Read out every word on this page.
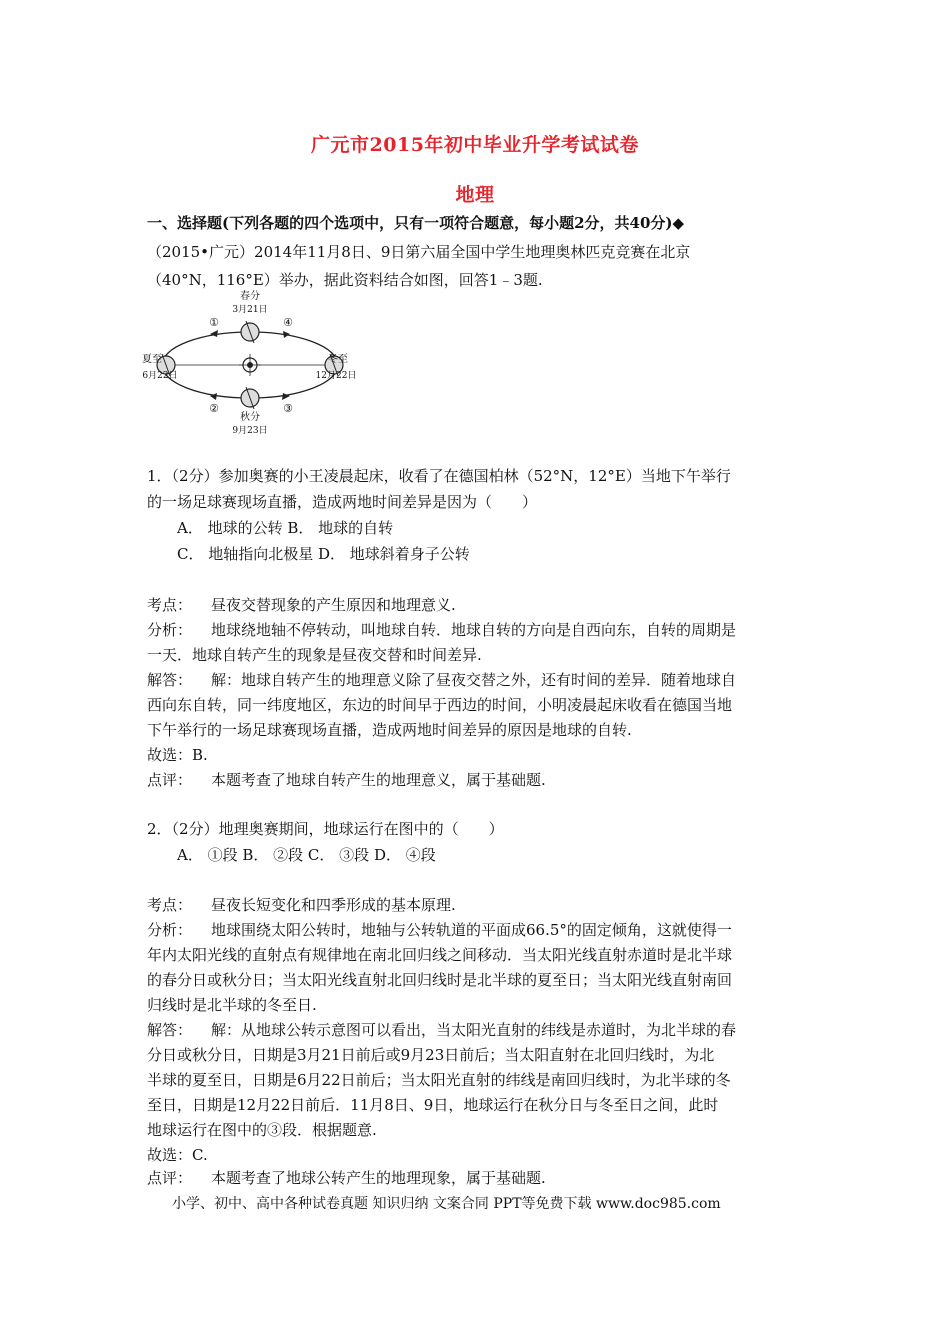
广元市2015年初中毕业升学考试试卷
地理
一、选择题(下列各题的四个选项中，只有一项符合题意，每小题2分，共40分)◆
（2015•广元）2014年11月8日、9日第六届全国中学生地理奥林匹克竞赛在北京
（40°N，116°E）举办，据此资料结合如图，回答1﹣3题.
春分
3月21日
秋分
9月23日
夏至
6月22日
冬至
12月22日
①
②	③
④
1．（2分）参加奥赛的小王凌晨起床，收看了在德国柏林（52°N，12°E）当地下午举行
的一场足球赛现场直播，造成两地时间差异是因为（　　）
A． 地球的公转 B． 地球的自转
C． 地轴指向北极星 D． 地球斜着身子公转
考点： 昼夜交替现象的产生原因和地理意义.
分析： 地球绕地轴不停转动，叫地球自转．地球自转的方向是自西向东，自转的周期是
一天．地球自转产生的现象是昼夜交替和时间差异.
解答： 解：地球自转产生的地理意义除了昼夜交替之外，还有时间的差异．随着地球自
西向东自转，同一纬度地区，东边的时间早于西边的时间，小明凌晨起床收看在德国当地
下午举行的一场足球赛现场直播，造成两地时间差异的原因是地球的自转.
故选：B.
点评： 本题考查了地球自转产生的地理意义，属于基础题.
2．（2分）地理奥赛期间，地球运行在图中的（　　）
A． ①段 B． ②段 C． ③段 D． ④段
考点： 昼夜长短变化和四季形成的基本原理.
分析： 地球围绕太阳公转时，地轴与公转轨道的平面成66.5°的固定倾角，这就使得一
年内太阳光线的直射点有规律地在南北回归线之间移动．当太阳光线直射赤道时是北半球
的春分日或秋分日；当太阳光线直射北回归线时是北半球的夏至日；当太阳光线直射南回
归线时是北半球的冬至日.
解答： 解：从地球公转示意图可以看出，当太阳光直射的纬线是赤道时，为北半球的春
分日或秋分日，日期是3月21日前后或9月23日前后；当太阳直射在北回归线时，为北
半球的夏至日，日期是6月22日前后；当太阳光直射的纬线是南回归线时，为北半球的冬
至日，日期是12月22日前后．11月8日、9日，地球运行在秋分日与冬至日之间，此时
地球运行在图中的③段．根据题意.
故选：C.
点评： 本题考查了地球公转产生的地理现象，属于基础题.
小学、初中、高中各种试卷真题 知识归纳 文案合同 PPT等免费下载 www.doc985.com
